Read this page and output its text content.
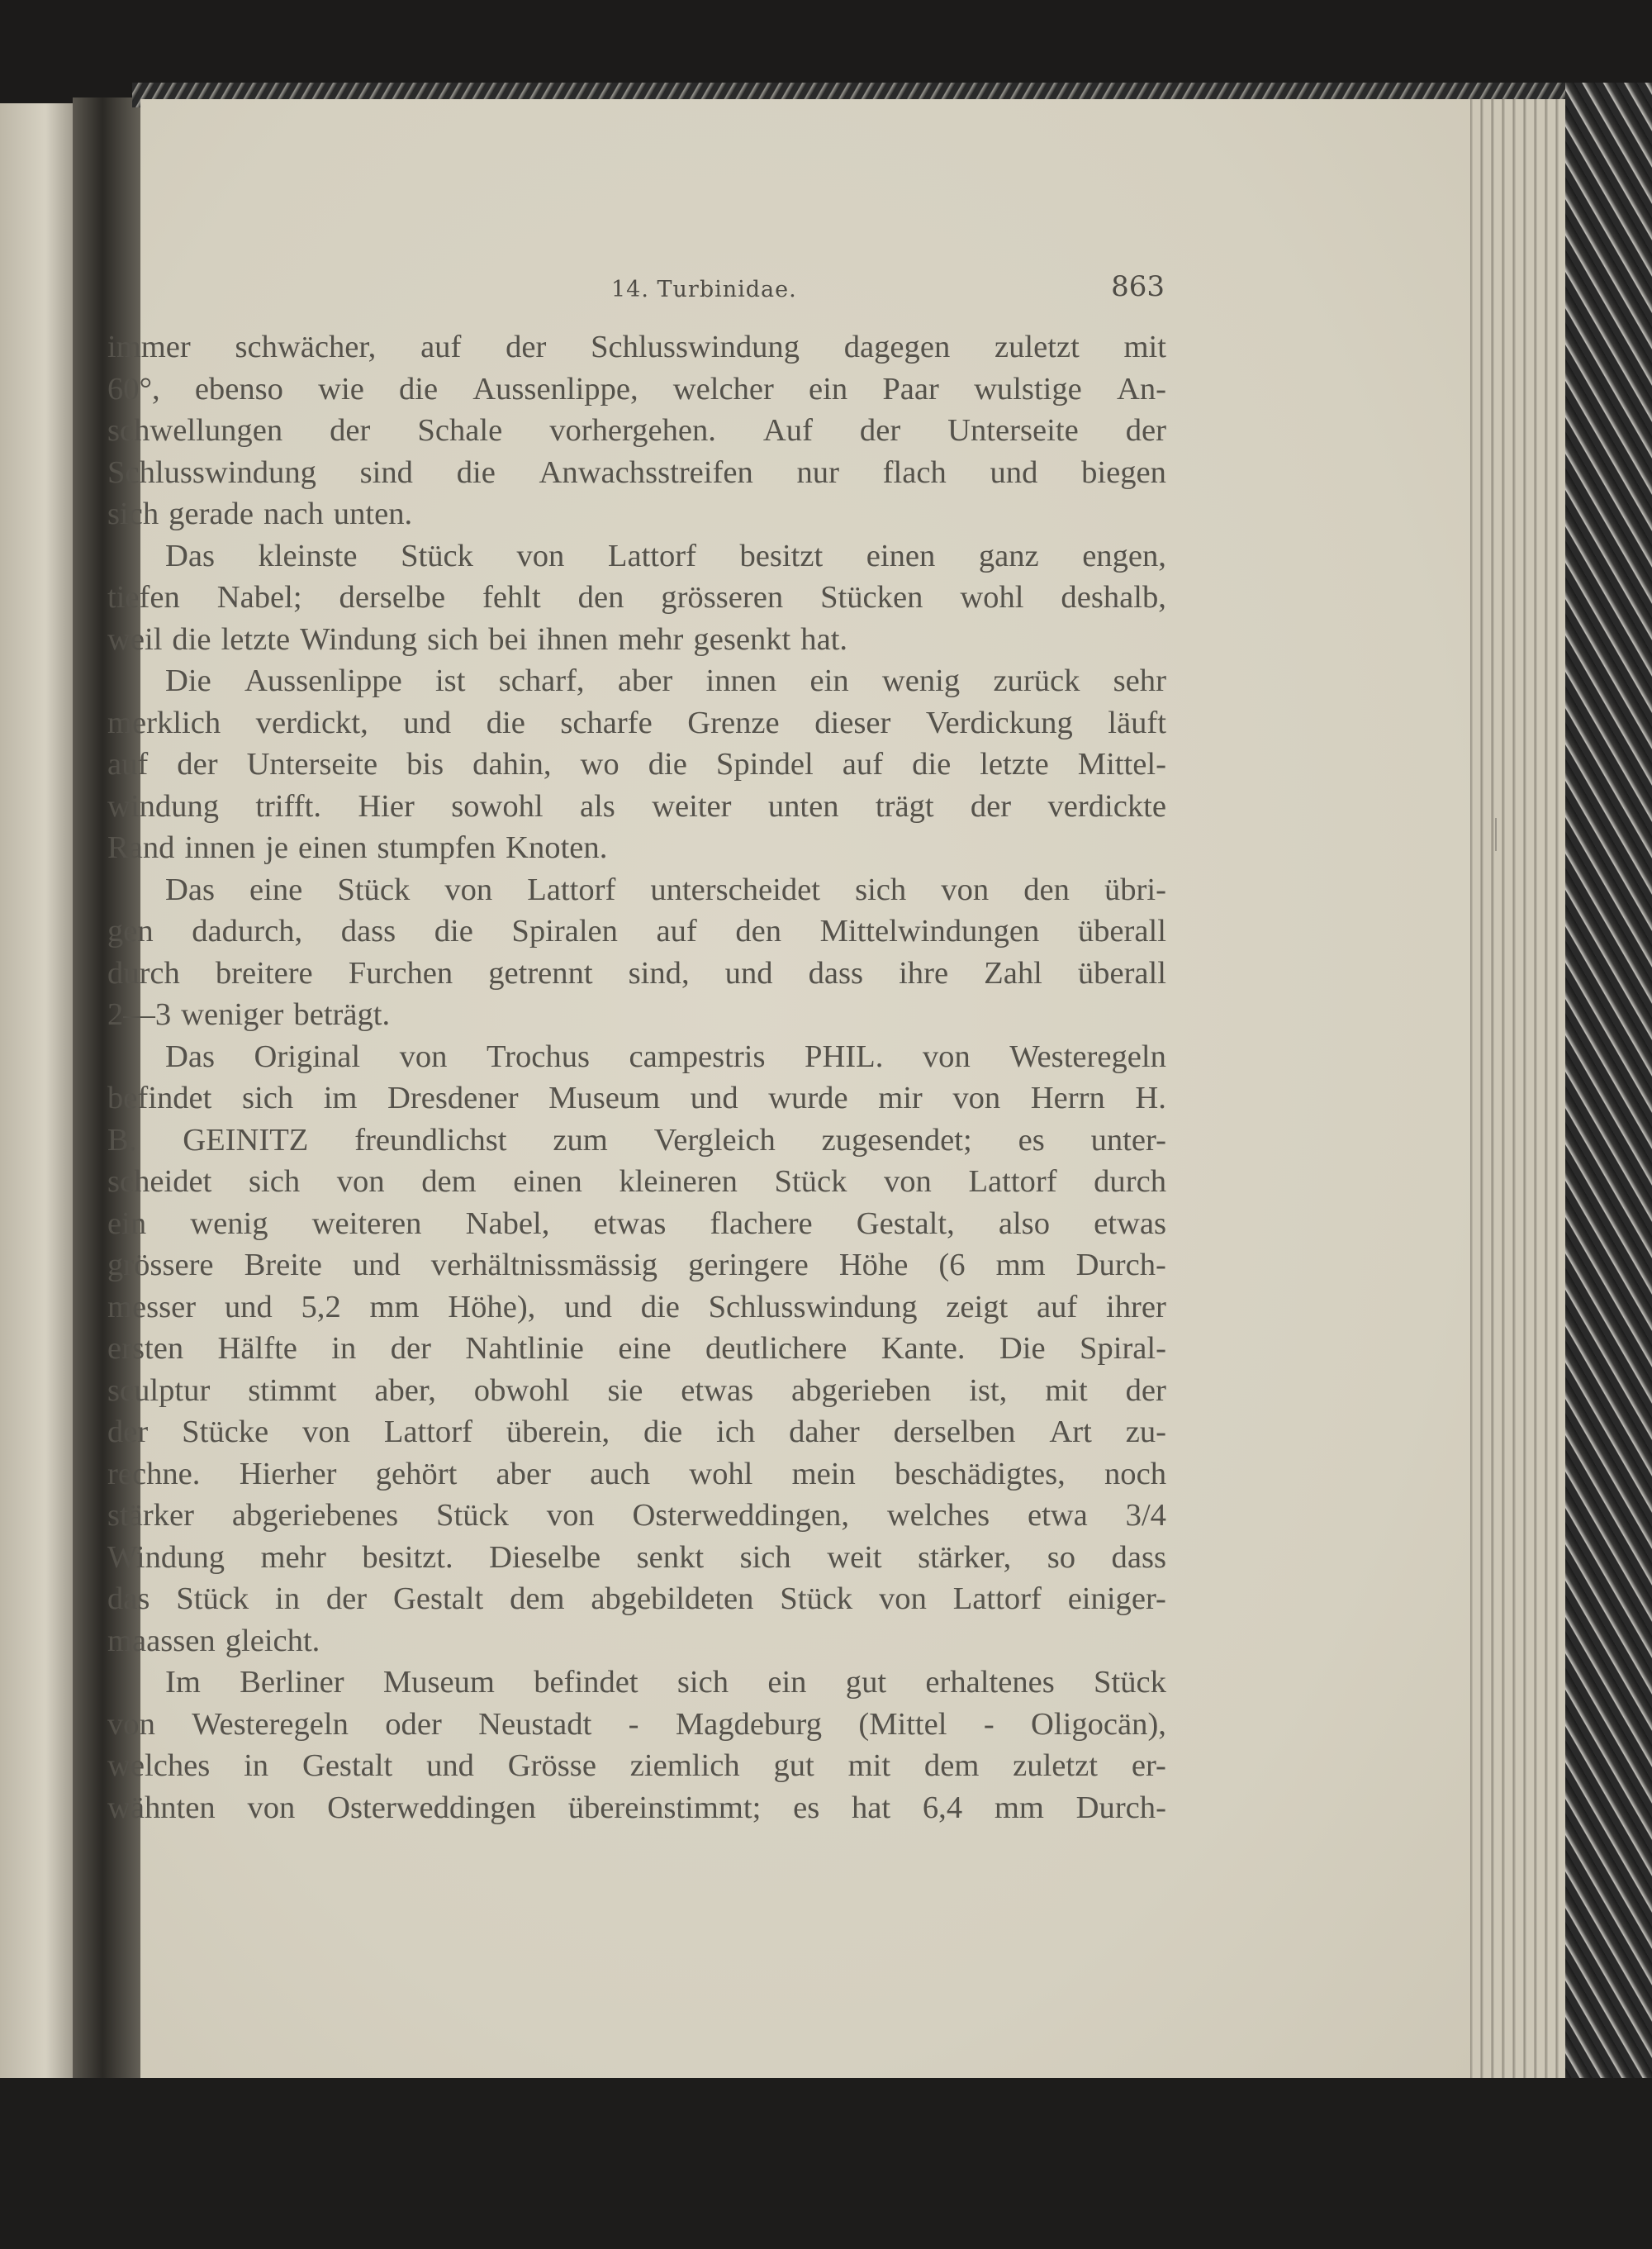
14. Turbinidae.	863
immer schwächer, auf der Schlusswindung dagegen zuletzt mit
60°, ebenso wie die Aussenlippe, welcher ein Paar wulstige An-
schwellungen der Schale vorhergehen. Auf der Unterseite der
Schlusswindung sind die Anwachsstreifen nur flach und biegen
sich gerade nach unten.
Das kleinste Stück von Lattorf besitzt einen ganz engen,
tiefen Nabel; derselbe fehlt den grösseren Stücken wohl deshalb,
weil die letzte Windung sich bei ihnen mehr gesenkt hat.
Die Aussenlippe ist scharf, aber innen ein wenig zurück sehr
merklich verdickt, und die scharfe Grenze dieser Verdickung läuft
auf der Unterseite bis dahin, wo die Spindel auf die letzte Mittel-
windung trifft. Hier sowohl als weiter unten trägt der verdickte
Rand innen je einen stumpfen Knoten.
Das eine Stück von Lattorf unterscheidet sich von den übri-
gen dadurch, dass die Spiralen auf den Mittelwindungen überall
durch breitere Furchen getrennt sind, und dass ihre Zahl überall
2—3 weniger beträgt.
Das Original von Trochus campestris PHIL. von Westeregeln
befindet sich im Dresdener Museum und wurde mir von Herrn H.
B. GEINITZ freundlichst zum Vergleich zugesendet; es unter-
scheidet sich von dem einen kleineren Stück von Lattorf durch
ein wenig weiteren Nabel, etwas flachere Gestalt, also etwas
grössere Breite und verhältnissmässig geringere Höhe (6 mm Durch-
messer und 5,2 mm Höhe), und die Schlusswindung zeigt auf ihrer
ersten Hälfte in der Nahtlinie eine deutlichere Kante. Die Spiral-
sculptur stimmt aber, obwohl sie etwas abgerieben ist, mit der
der Stücke von Lattorf überein, die ich daher derselben Art zu-
rechne. Hierher gehört aber auch wohl mein beschädigtes, noch
stärker abgeriebenes Stück von Osterweddingen, welches etwa 3/4
Windung mehr besitzt. Dieselbe senkt sich weit stärker, so dass
das Stück in der Gestalt dem abgebildeten Stück von Lattorf einiger-
maassen gleicht.
Im Berliner Museum befindet sich ein gut erhaltenes Stück
von Westeregeln oder Neustadt - Magdeburg (Mittel - Oligocän),
welches in Gestalt und Grösse ziemlich gut mit dem zuletzt er-
wähnten von Osterweddingen übereinstimmt; es hat 6,4 mm Durch-
